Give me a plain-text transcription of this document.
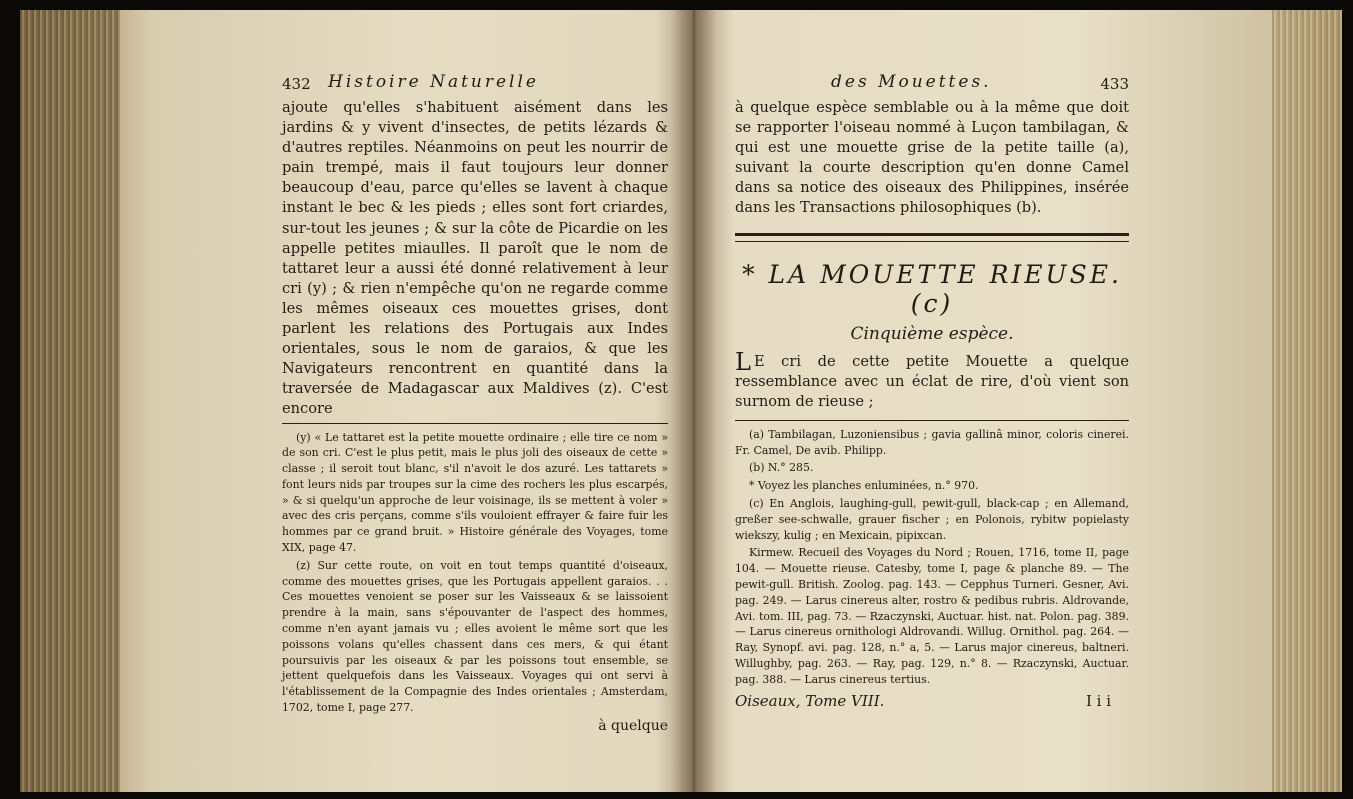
432 Histoire Naturelle

ajoute qu'elles s'habituent aisément dans les jardins & y vivent d'insectes, de petits lézards & d'autres reptiles. Néanmoins on peut les nourrir de pain trempé, mais il faut toujours leur donner beaucoup d'eau, parce qu'elles se lavent à chaque instant le bec & les pieds ; elles sont fort criardes, sur-tout les jeunes ; & sur la côte de Picardie on les appelle petites miaulles. Il paroît que le nom de tattaret leur a aussi été donné relativement à leur cri (y) ; & rien n'empêche qu'on ne regarde comme les mêmes oiseaux ces mouettes grises, dont parlent les relations des Portugais aux Indes orientales, sous le nom de garaios, & que les Navigateurs rencontrent en quantité dans la traversée de Madagascar aux Maldives (z). C'est encore

(y) « Le tattaret est la petite mouette ordinaire ; elle tire ce nom » de son cri. C'est le plus petit, mais le plus joli des oiseaux de cette » classe ; il seroit tout blanc, s'il n'avoit le dos azuré. Les tattarets » font leurs nids par troupes sur la cime des rochers les plus escarpés, » & si quelqu'un approche de leur voisinage, ils se mettent à voler » avec des cris perçans, comme s'ils vouloient effrayer & faire fuir les hommes par ce grand bruit. » Histoire générale des Voyages, tome XIX, page 47.

(z) Sur cette route, on voit en tout temps quantité d'oiseaux, comme des mouettes grises, que les Portugais appellent garaios. . . Ces mouettes venoient se poser sur les Vaisseaux & se laissoient prendre à la main, sans s'épouvanter de l'aspect des hommes, comme n'en ayant jamais vu ; elles avoient le même sort que les poissons volans qu'elles chassent dans ces mers, & qui étant poursuivis par les oiseaux & par les poissons tout ensemble, se jettent quelquefois dans les Vaisseaux. Voyages qui ont servi à l'établissement de la Compagnie des Indes orientales ; Amsterdam, 1702, tome I, page 277.

à quelque
des Mouettes.	433

à quelque espèce semblable ou à la même que doit se rapporter l'oiseau nommé à Luçon tambilagan, & qui est une mouette grise de la petite taille (a), suivant la courte description qu'en donne Camel dans sa notice des oiseaux des Philippines, insérée dans les Transactions philosophiques (b).

* LA MOUETTE RIEUSE. (c)
Cinquième espèce.

L E cri de cette petite Mouette a quelque ressemblance avec un éclat de rire, d'où vient son surnom de rieuse ;

(a) Tambilagan, Luzoniensibus ; gavia gallinâ minor, coloris cinerei. Fr. Camel, De avib. Philipp.

(b) N.° 285.

* Voyez les planches enluminées, n.° 970.

(c) En Anglois, laughing-gull, pewit-gull, black-cap ; en Allemand, greßer see-schwalle, grauer fischer ; en Polonois, rybitw popielasty wiekszy, kulig ; en Mexicain, pipixcan.

Kirmew. Recueil des Voyages du Nord ; Rouen, 1716, tome II, page 104. — Mouette rieuse. Catesby, tome I, page & planche 89. — The pewit-gull. British. Zoolog. pag. 143. — Cepphus Turneri. Gesner, Avi. pag. 249. — Larus cinereus alter, rostro & pedibus rubris. Aldrovande, Avi. tom. III, pag. 73. — Rzaczynski, Auctuar. hist. nat. Polon. pag. 389. — Larus cinereus ornithologi Aldrovandi. Willug. Ornithol. pag. 264. — Ray, Synopf. avi. pag. 128, n.° a, 5. — Larus major cinereus, baltneri. Willughby, pag. 263. — Ray, pag. 129, n.° 8. — Rzaczynski, Auctuar. pag. 388. — Larus cinereus tertius.

Oiseaux, Tome VIII.	I i i
